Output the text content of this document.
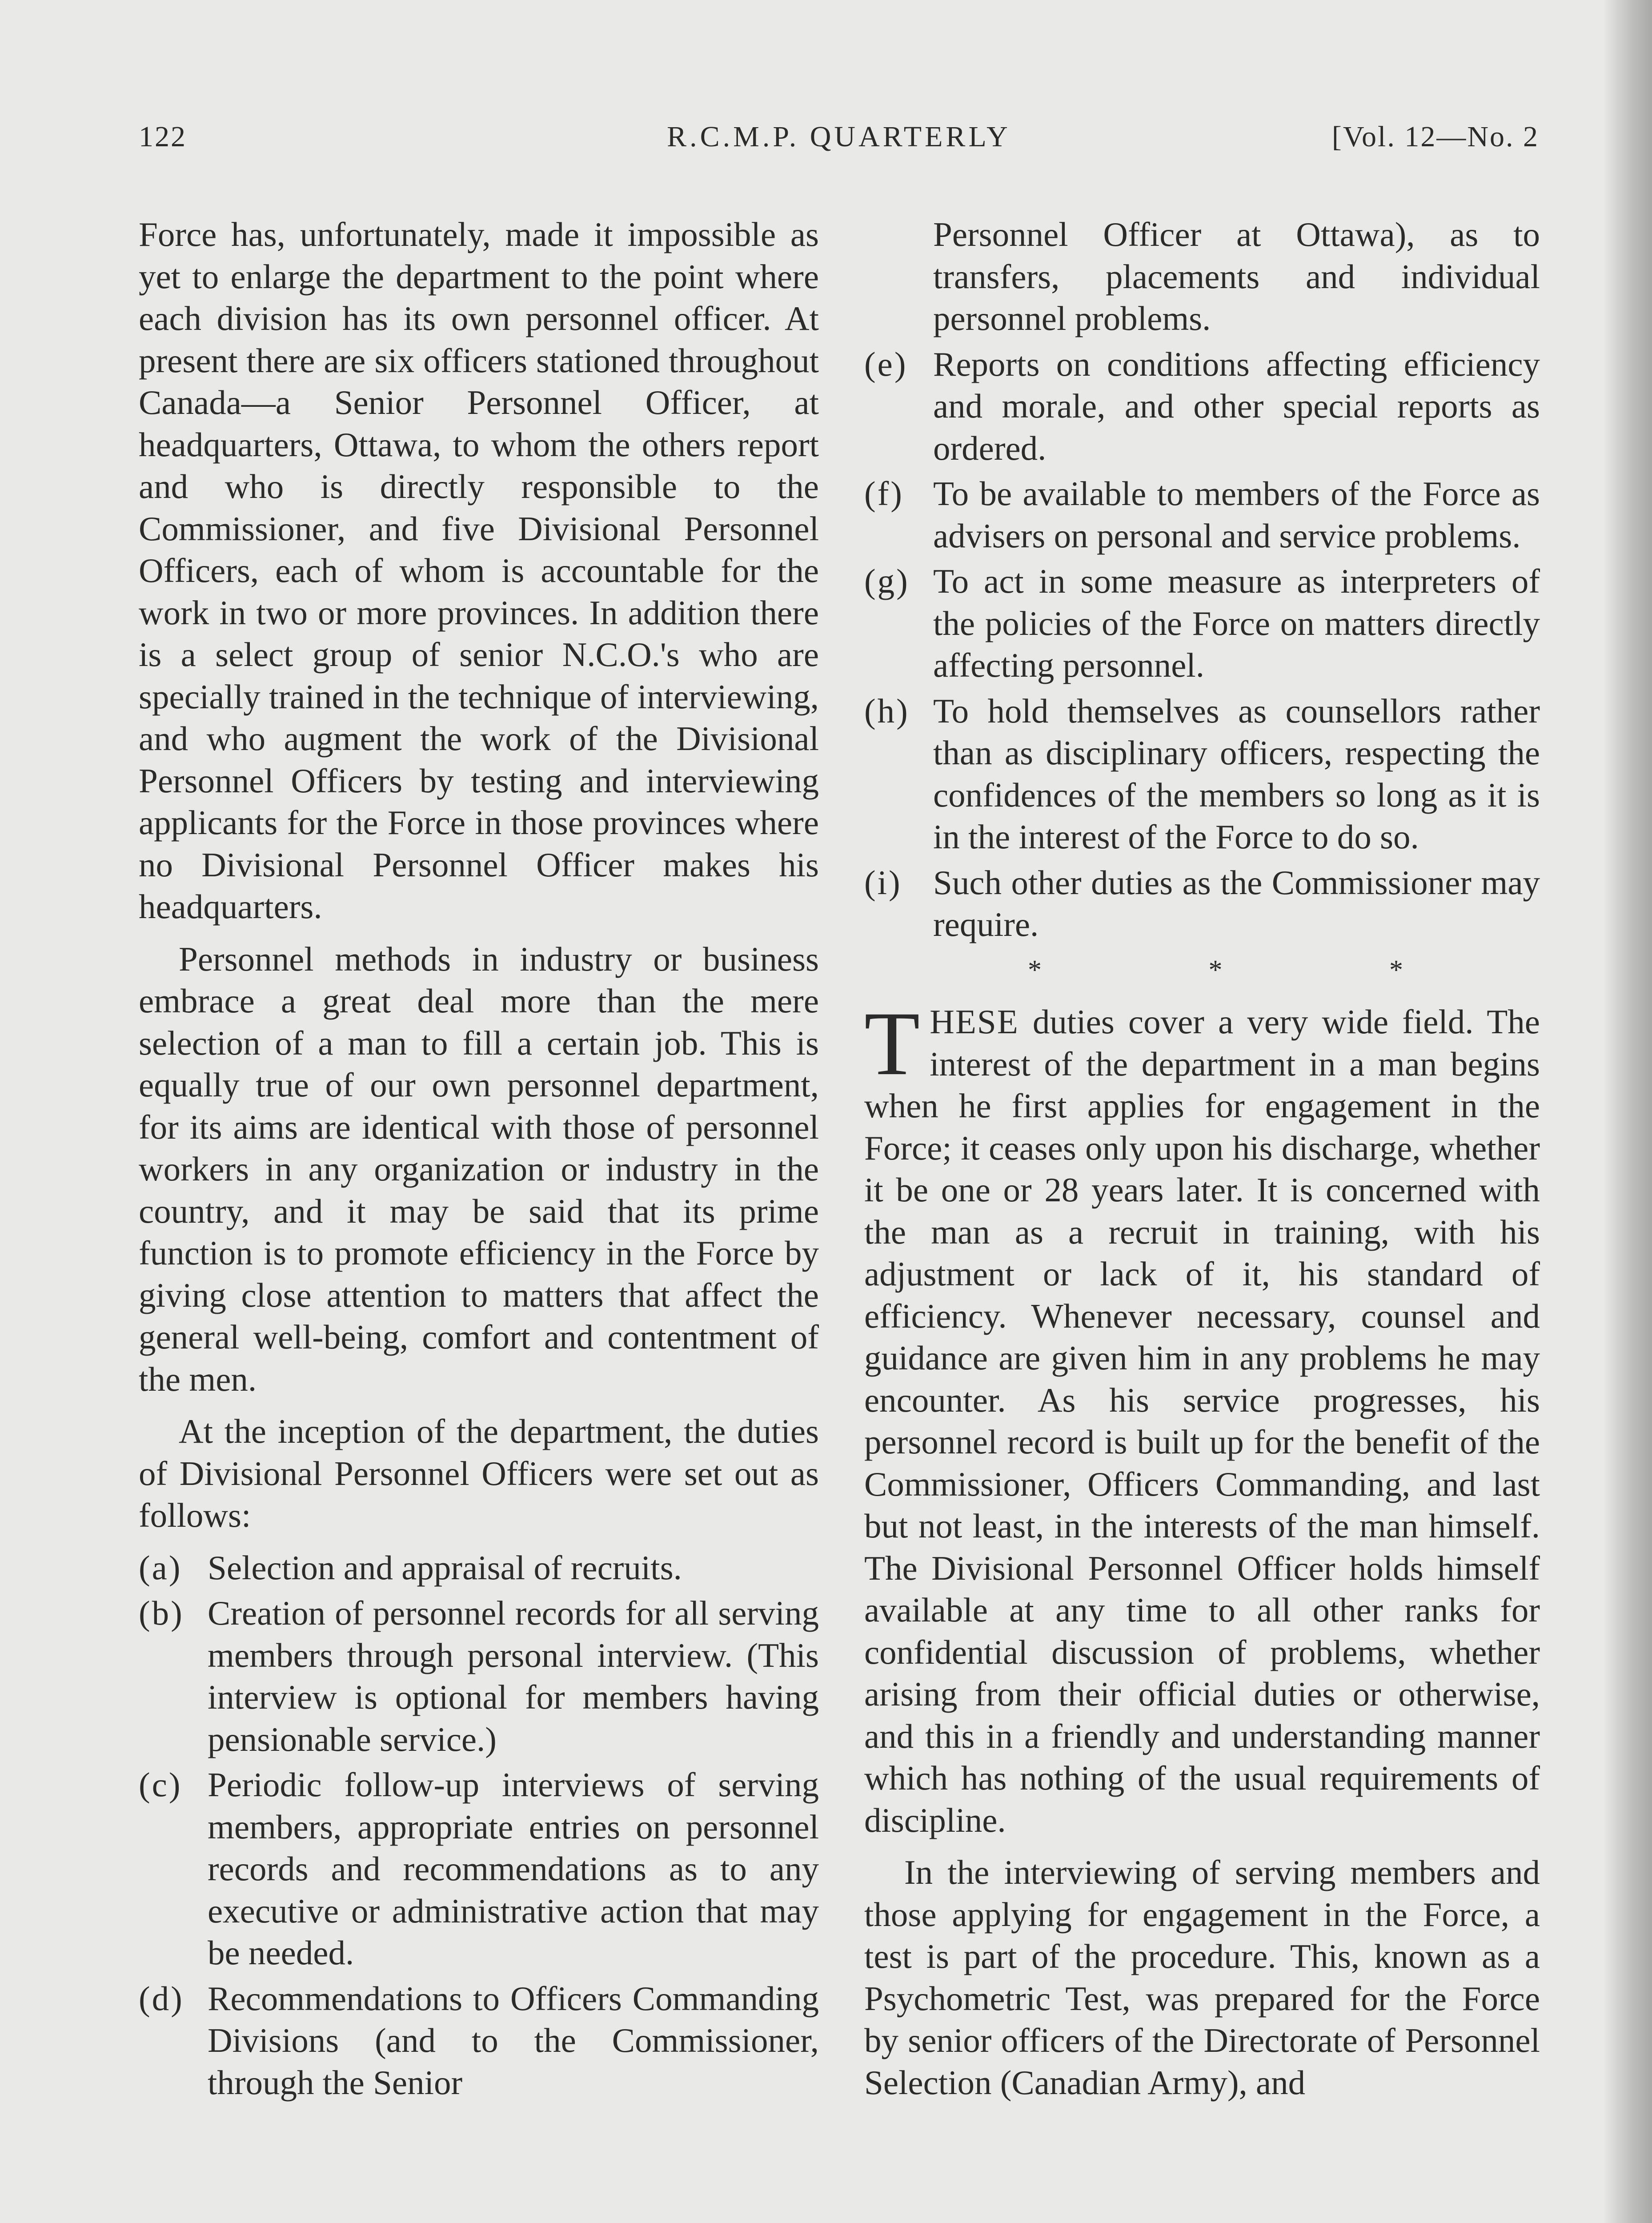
122	R.C.M.P. QUARTERLY	[Vol. 12—No. 2

Force has, unfortunately, made it impossible as yet to enlarge the department to the point where each division has its own personnel officer. At present there are six officers stationed throughout Canada—a Senior Personnel Officer, at headquarters, Ottawa, to whom the others report and who is directly responsible to the Commissioner, and five Divisional Personnel Officers, each of whom is accountable for the work in two or more provinces. In addition there is a select group of senior N.C.O.'s who are specially trained in the technique of interviewing, and who augment the work of the Divisional Personnel Officers by testing and interviewing applicants for the Force in those provinces where no Divisional Personnel Officer makes his headquarters.

Personnel methods in industry or business embrace a great deal more than the mere selection of a man to fill a certain job. This is equally true of our own personnel department, for its aims are identical with those of personnel workers in any organization or industry in the country, and it may be said that its prime function is to promote efficiency in the Force by giving close attention to matters that affect the general well-being, comfort and contentment of the men.

At the inception of the department, the duties of Divisional Personnel Officers were set out as follows:

(a) Selection and appraisal of recruits.
(b) Creation of personnel records for all serving members through personal interview. (This interview is optional for members having pensionable service.)
(c) Periodic follow-up interviews of serving members, appropriate entries on personnel records and recommendations as to any executive or administrative action that may be needed.
(d) Recommendations to Officers Commanding Divisions (and to the Commissioner, through the Senior
Personnel Officer at Ottawa), as to transfers, placements and individual personnel problems.
(e) Reports on conditions affecting efficiency and morale, and other special reports as ordered.
(f) To be available to members of the Force as advisers on personal and service problems.
(g) To act in some measure as interpreters of the policies of the Force on matters directly affecting personnel.
(h) To hold themselves as counsellors rather than as disciplinary officers, respecting the confidences of the members so long as it is in the interest of the Force to do so.
(i) Such other duties as the Commissioner may require.
* * *

THESE duties cover a very wide field. The interest of the department in a man begins when he first applies for engagement in the Force; it ceases only upon his discharge, whether it be one or 28 years later. It is concerned with the man as a recruit in training, with his adjustment or lack of it, his standard of efficiency. Whenever necessary, counsel and guidance are given him in any problems he may encounter. As his service progresses, his personnel record is built up for the benefit of the Commissioner, Officers Commanding, and last but not least, in the interests of the man himself. The Divisional Personnel Officer holds himself available at any time to all other ranks for confidential discussion of problems, whether arising from their official duties or otherwise, and this in a friendly and understanding manner which has nothing of the usual requirements of discipline.

In the interviewing of serving members and those applying for engagement in the Force, a test is part of the procedure. This, known as a Psychometric Test, was prepared for the Force by senior officers of the Directorate of Personnel Selection (Canadian Army), and
